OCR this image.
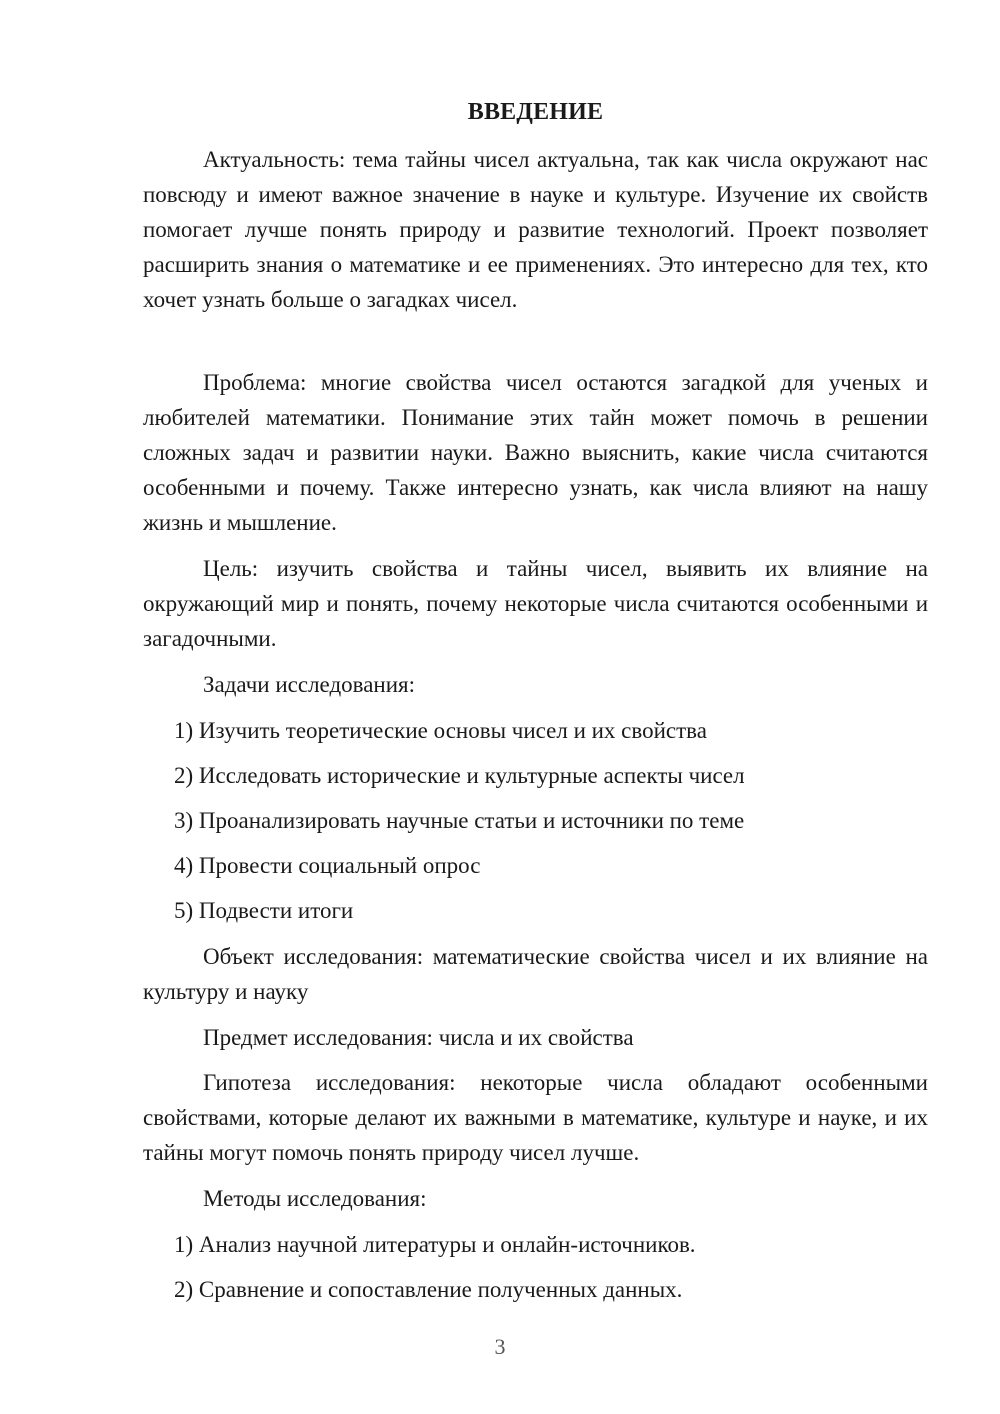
ВВЕДЕНИЕ

Актуальность: тема тайны чисел актуальна, так как числа окружают нас повсюду и имеют важное значение в науке и культуре. Изучение их свойств помогает лучше понять природу и развитие технологий. Проект позволяет расширить знания о математике и ее применениях. Это интересно для тех, кто хочет узнать больше о загадках чисел.

Проблема: многие свойства чисел остаются загадкой для ученых и любителей математики. Понимание этих тайн может помочь в решении сложных задач и развитии науки. Важно выяснить, какие числа считаются особенными и почему. Также интересно узнать, как числа влияют на нашу жизнь и мышление.

Цель: изучить свойства и тайны чисел, выявить их влияние на окружающий мир и понять, почему некоторые числа считаются особенными и загадочными.

Задачи исследования:

1) Изучить теоретические основы чисел и их свойства

2) Исследовать исторические и культурные аспекты чисел

3) Проанализировать научные статьи и источники по теме

4) Провести социальный опрос

5) Подвести итоги

Объект исследования: математические свойства чисел и их влияние на культуру и науку

Предмет исследования: числа и их свойства

Гипотеза исследования: некоторые числа обладают особенными свойствами, которые делают их важными в математике, культуре и науке, и их тайны могут помочь понять природу чисел лучше.

Методы исследования:

1) Анализ научной литературы и онлайн-источников.

2) Сравнение и сопоставление полученных данных.

3
